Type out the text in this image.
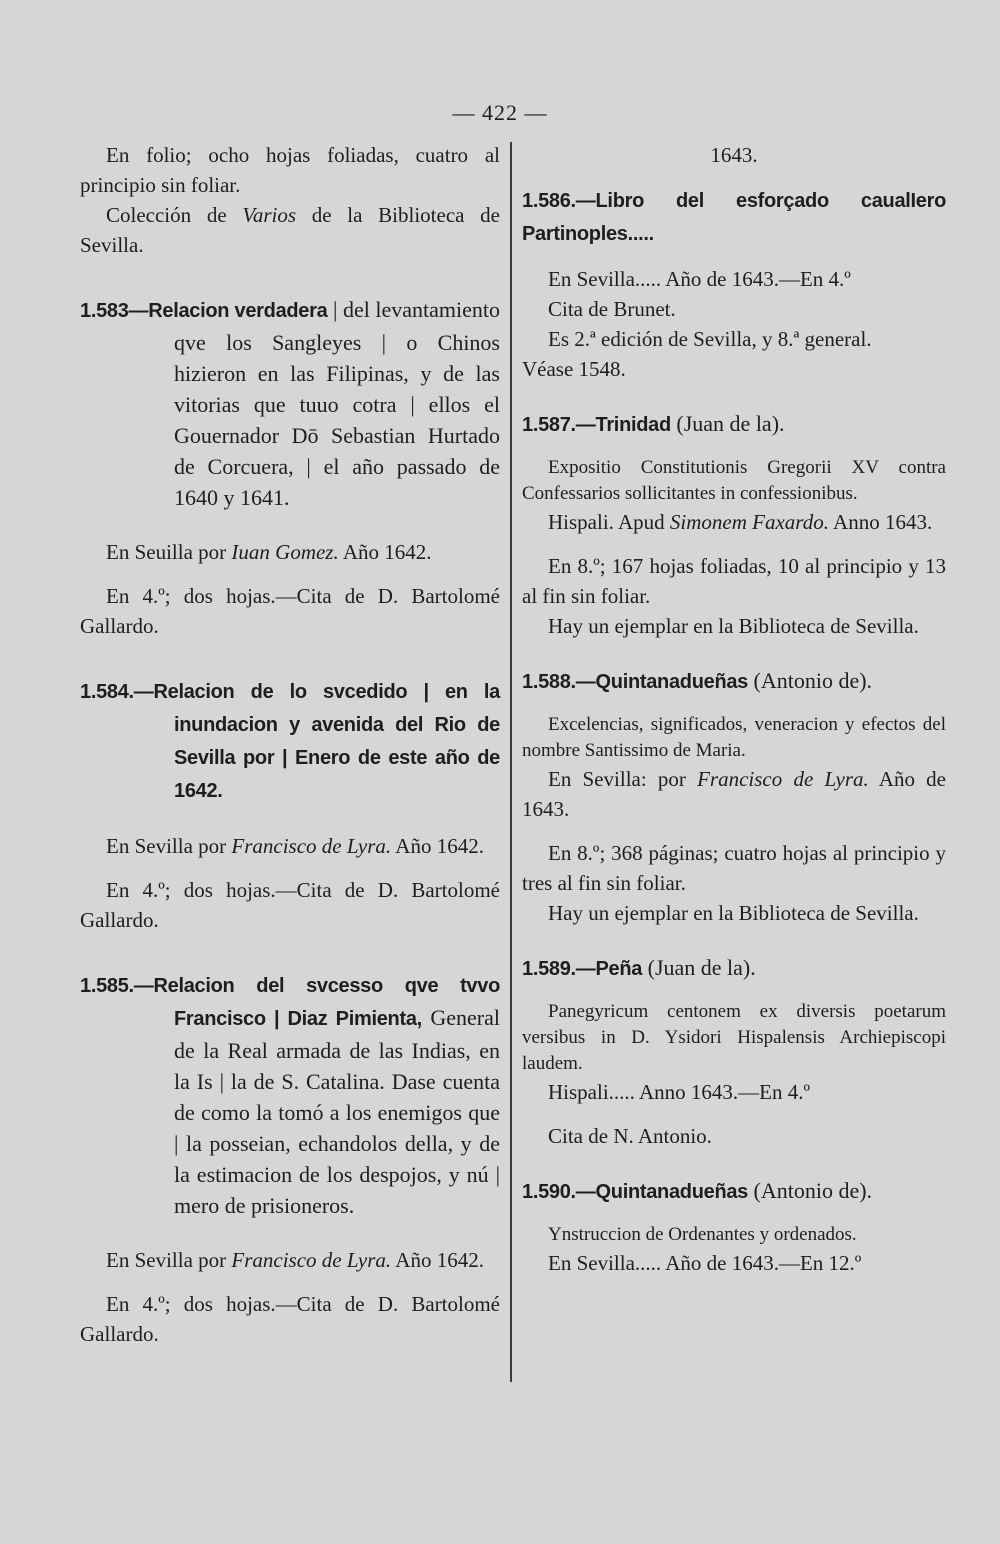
— 422 —

En folio; ocho hojas foliadas, cuatro al principio sin foliar.

Colección de Varios de la Biblioteca de Sevilla.

1.583—Relacion verdadera | del levantamiento qve los Sangleyes | o Chinos hizieron en las Filipinas, y de las vitorias que tuuo cotra | ellos el Gouernador Dō Sebastian Hurtado de Corcuera, | el año passado de 1640 y 1641.

En Seuilla por Iuan Gomez. Año 1642.

En 4.º; dos hojas.—Cita de D. Bartolomé Gallardo.

1.584.—Relacion de lo svcedido | en la inundacion y avenida del Rio de Sevilla por | Enero de este año de 1642.

En Sevilla por Francisco de Lyra. Año 1642.

En 4.º; dos hojas.—Cita de D. Bartolomé Gallardo.

1.585.—Relacion del svcesso qve tvvo Francisco | Diaz Pimienta, General de la Real armada de las Indias, en la Is | la de S. Catalina. Dase cuenta de como la tomó a los enemigos que | la posseian, echandolos della, y de la estimacion de los despojos, y nú | mero de prisioneros.

En Sevilla por Francisco de Lyra. Año 1642.

En 4.º; dos hojas.—Cita de D. Bartolomé Gallardo.

1643.

1.586.—Libro del esforçado caualIero Partinoples.....

En Sevilla..... Año de 1643.—En 4.º

Cita de Brunet.

Es 2.ª edición de Sevilla, y 8.ª general.

Véase 1548.

1.587.—Trinidad (Juan de la).

Expositio Constitutionis Gregorii XV contra Confessarios sollicitantes in confessionibus.

Hispali. Apud Simonem Faxardo. Anno 1643.

En 8.º; 167 hojas foliadas, 10 al principio y 13 al fin sin foliar.

Hay un ejemplar en la Biblioteca de Sevilla.

1.588.—Quintanadueñas (Antonio de).

Excelencias, significados, veneracion y efectos del nombre Santissimo de Maria.

En Sevilla: por Francisco de Lyra. Año de 1643.

En 8.º; 368 páginas; cuatro hojas al principio y tres al fin sin foliar.

Hay un ejemplar en la Biblioteca de Sevilla.

1.589.—Peña (Juan de la).

Panegyricum centonem ex diversis poetarum versibus in D. Ysidori Hispalensis Archiepiscopi laudem.

Hispali..... Anno 1643.—En 4.º

Cita de N. Antonio.

1.590.—Quintanadueñas (Antonio de).

Ynstruccion de Ordenantes y ordenados.

En Sevilla..... Año de 1643.—En 12.º
